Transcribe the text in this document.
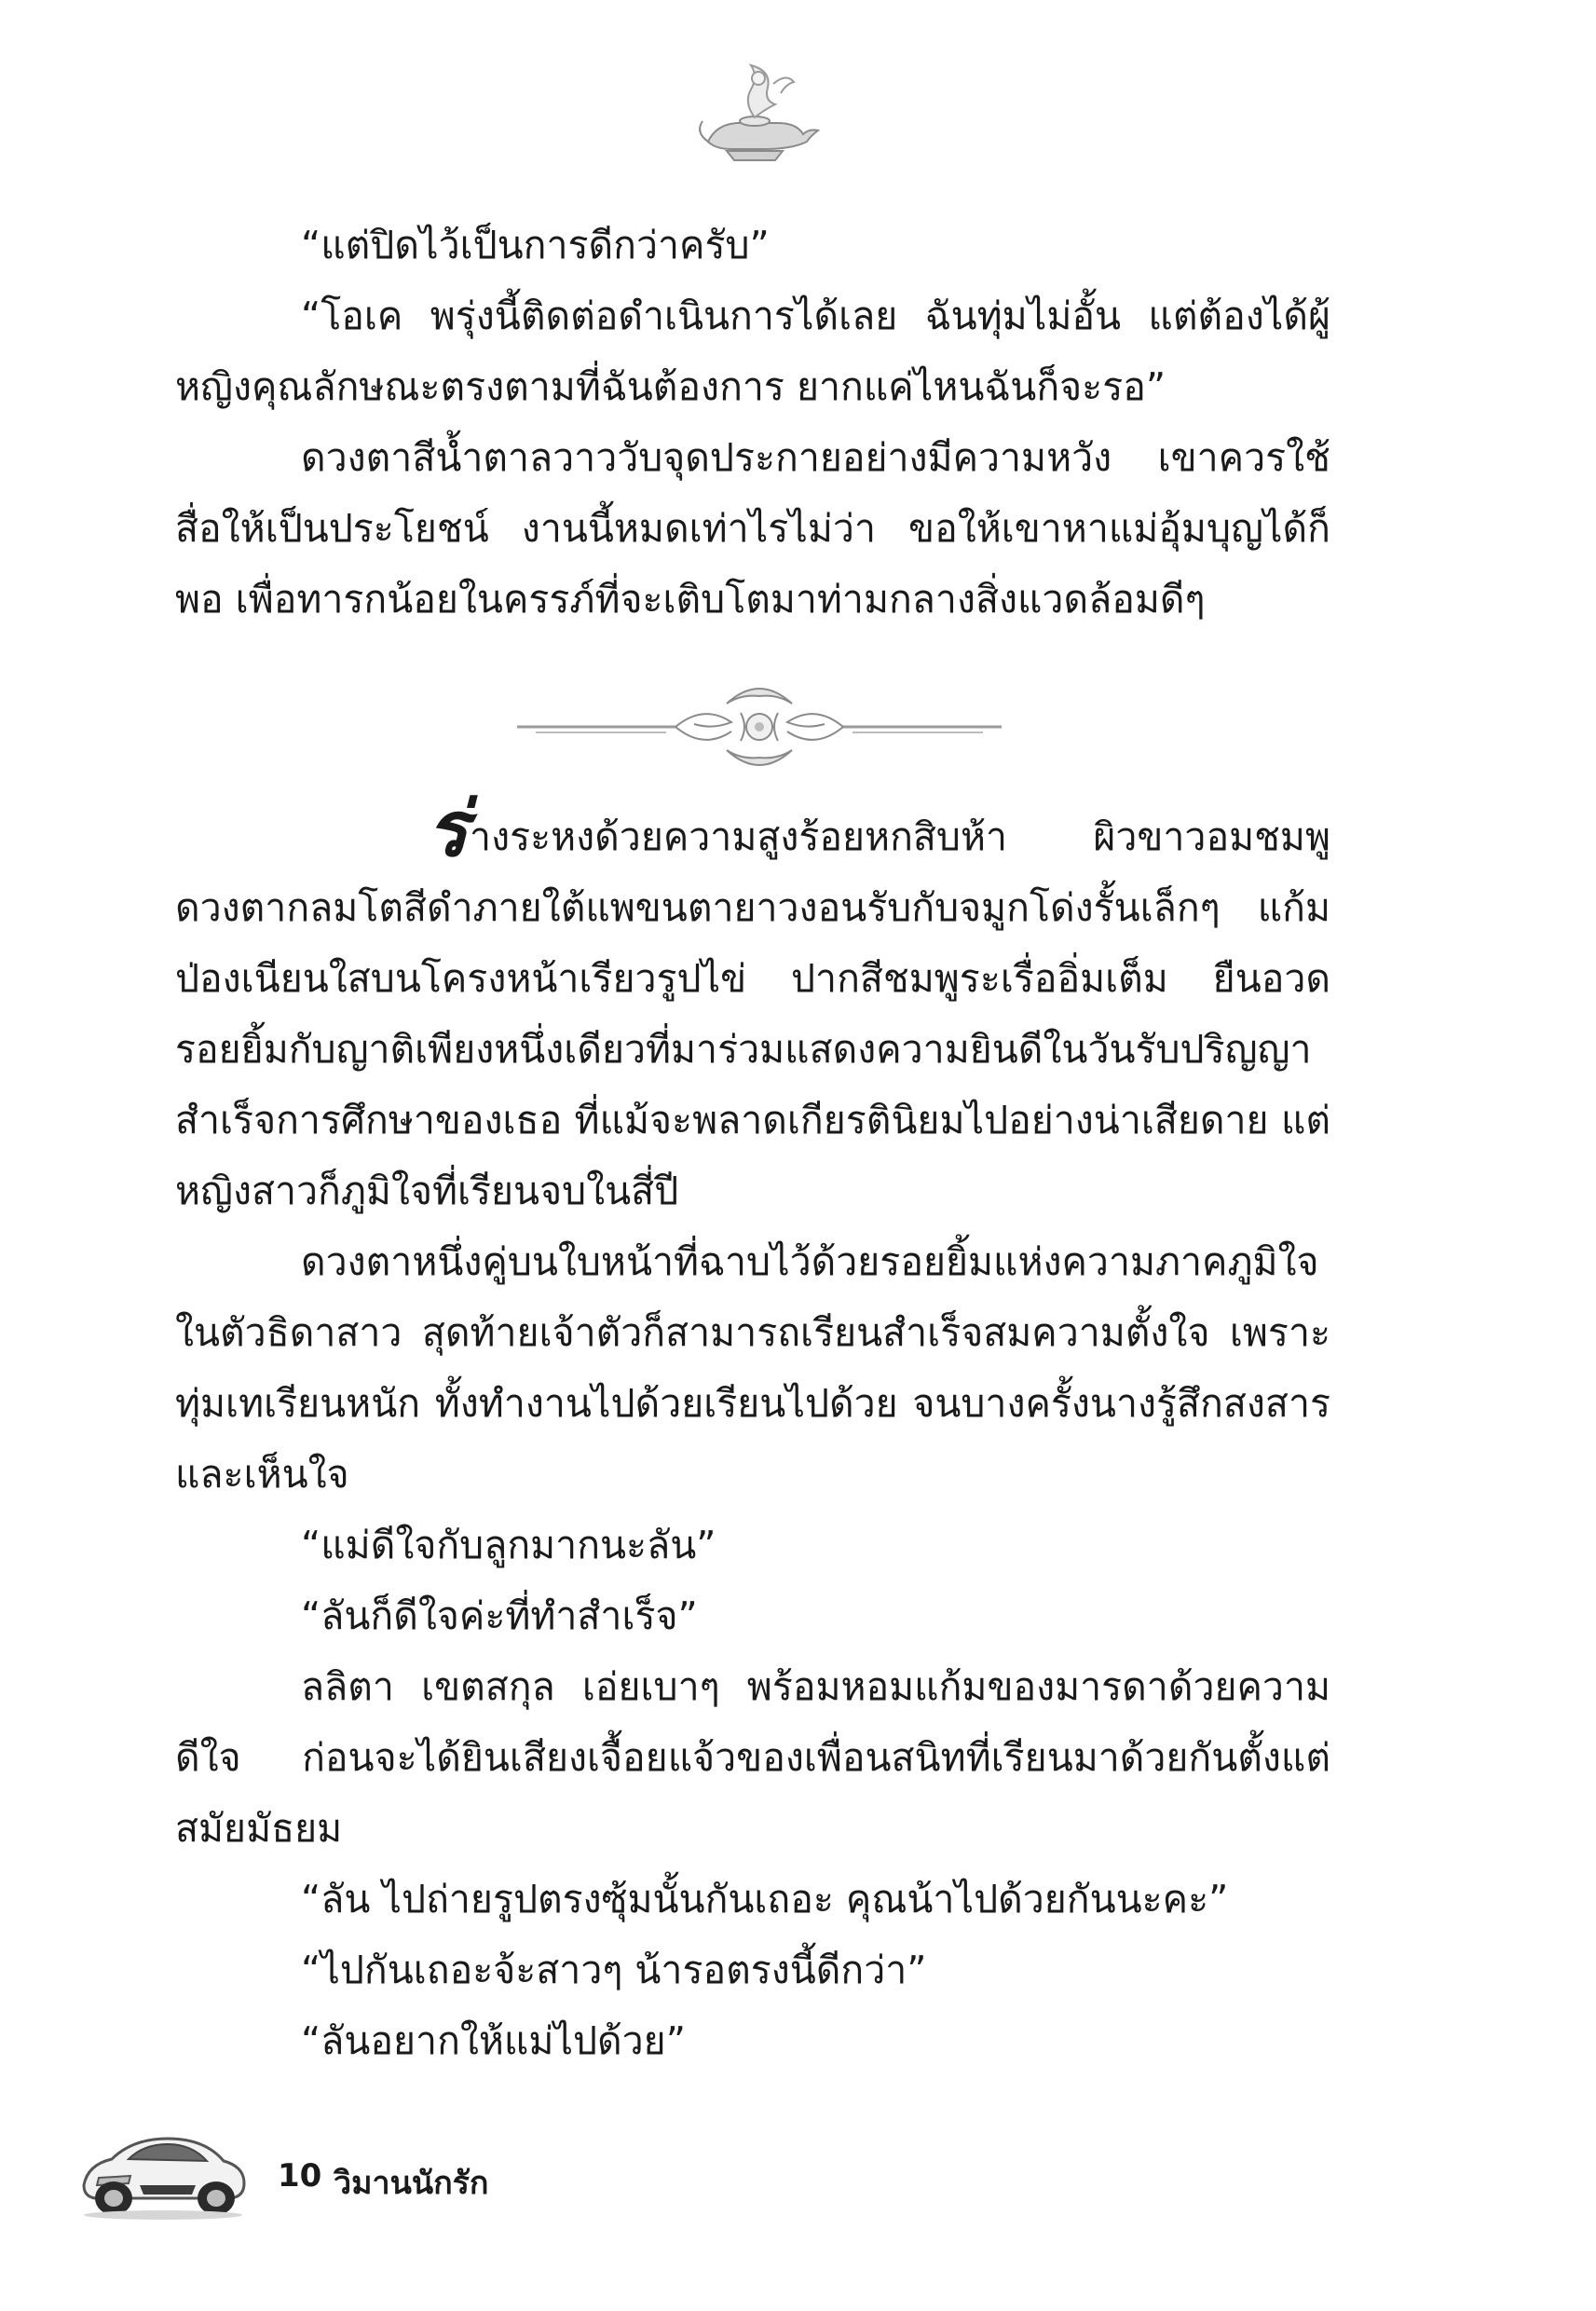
“แต่ปิดไว้เป็นการดีกว่าครับ”

“โอเค พรุ่งนี้ติดต่อดำเนินการได้เลย ฉันทุ่มไม่อั้น แต่ต้องได้ผู้หญิงคุณลักษณะตรงตามที่ฉันต้องการ ยากแค่ไหนฉันก็จะรอ”

ดวงตาสีน้ำตาลวาววับจุดประกายอย่างมีความหวัง เขาควรใช้สื่อให้เป็นประโยชน์ งานนี้หมดเท่าไรไม่ว่า ขอให้เขาหาแม่อุ้มบุญได้ก็พอ เพื่อทารกน้อยในครรภ์ที่จะเติบโตมาท่ามกลางสิ่งแวดล้อมดีๆ

ร่างระหงด้วยความสูงร้อยหกสิบห้า ผิวขาวอมชมพู ดวงตากลมโตสีดำภายใต้แพขนตายาวงอนรับกับจมูกโด่งรั้นเล็กๆ แก้มป่องเนียนใสบนโครงหน้าเรียวรูปไข่ ปากสีชมพูระเรื่ออิ่มเต็ม ยืนอวดรอยยิ้มกับญาติเพียงหนึ่งเดียวที่มาร่วมแสดงความยินดีในวันรับปริญญาสำเร็จการศึกษาของเธอ ที่แม้จะพลาดเกียรตินิยมไปอย่างน่าเสียดาย แต่หญิงสาวก็ภูมิใจที่เรียนจบในสี่ปี

ดวงตาหนึ่งคู่บนใบหน้าที่ฉาบไว้ด้วยรอยยิ้มแห่งความภาคภูมิใจในตัวธิดาสาว สุดท้ายเจ้าตัวก็สามารถเรียนสำเร็จสมความตั้งใจ เพราะทุ่มเทเรียนหนัก ทั้งทำงานไปด้วยเรียนไปด้วย จนบางครั้งนางรู้สึกสงสารและเห็นใจ

“แม่ดีใจกับลูกมากนะลัน”

“ลันก็ดีใจค่ะที่ทำสำเร็จ”

ลลิตา เขตสกุล เอ่ยเบาๆ พร้อมหอมแก้มของมารดาด้วยความดีใจ ก่อนจะได้ยินเสียงเจื้อยแจ้วของเพื่อนสนิทที่เรียนมาด้วยกันตั้งแต่สมัยมัธยม

“ลัน ไปถ่ายรูปตรงซุ้มนั้นกันเถอะ คุณน้าไปด้วยกันนะคะ”

“ไปกันเถอะจ้ะสาวๆ น้ารอตรงนี้ดีกว่า”

“ลันอยากให้แม่ไปด้วย”

10 วิมานนักรัก
